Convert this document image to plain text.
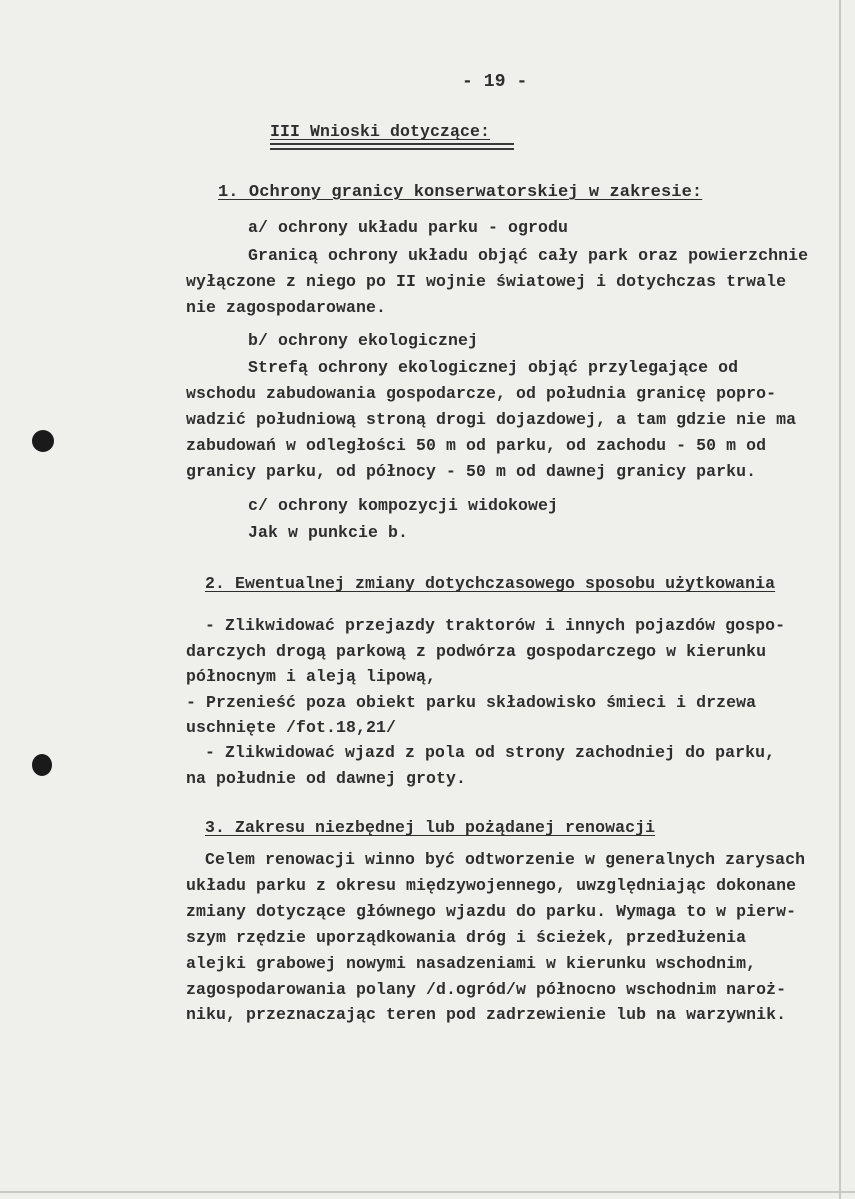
- 19 -
III Wnioski dotyczące:
1. Ochrony granicy konserwatorskiej w zakresie:
a/ ochrony układu parku - ogrodu
Granicą ochrony układu objąć cały park oraz powierzchnie
wyłączone z niego po II wojnie światowej i dotychczas trwale
nie zagospodarowane.
b/ ochrony ekologicznej
Strefą ochrony ekologicznej objąć przylegające od
wschodu zabudowania gospodarcze, od południa granicę popro-
wadzić południową stroną drogi dojazdowej, a tam gdzie nie ma
zabudowań w odległości 50 m od parku, od zachodu - 50 m od
granicy parku, od północy - 50 m od dawnej granicy parku.
c/ ochrony kompozycji widokowej
Jak w punkcie b.
2. Ewentualnej zmiany dotychczasowego sposobu użytkowania
- Zlikwidować przejazdy traktorów i innych pojazdów gospo-
darczych drogą parkową z podwórza gospodarczego w kierunku
północnym i aleją lipową,
- Przenieść poza obiekt parku składowisko śmieci i drzewa
uschnięte /fot.18,21/
- Zlikwidować wjazd z pola od strony zachodniej do parku,
na południe od dawnej groty.
3. Zakresu niezbędnej lub pożądanej renowacji
Celem renowacji winno być odtworzenie w generalnych zarysach
układu parku z okresu międzywojennego, uwzględniając dokonane
zmiany dotyczące głównego wjazdu do parku. Wymaga to w pierw-
szym rzędzie uporządkowania dróg i ścieżek, przedłużenia
alejki grabowej nowymi nasadzeniami w kierunku wschodnim,
zagospodarowania polany /d.ogród/w północno wschodnim naroż-
niku, przeznaczając teren pod zadrzewienie lub na warzywnik.
